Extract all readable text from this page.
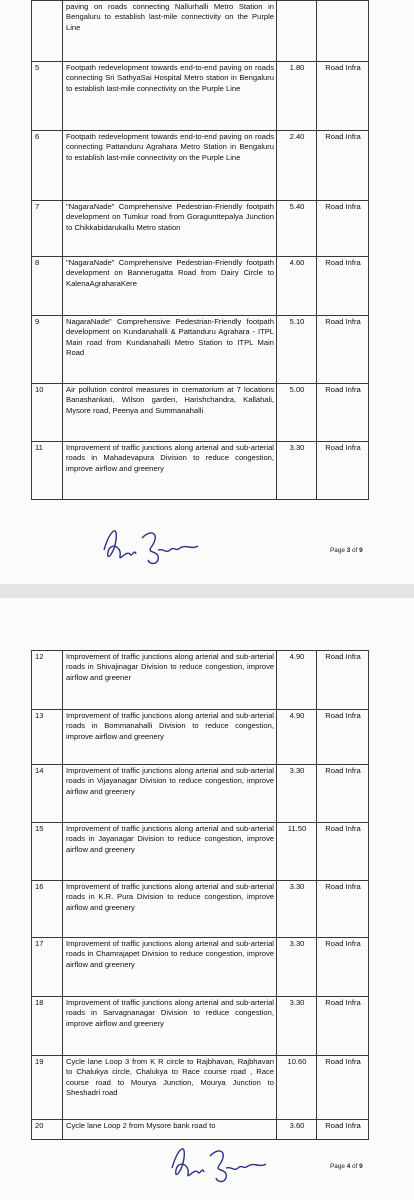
	paving on roads connecting Nallurhalli Metro Station in Bengaluru to establish last-mile connectivity on the Purple Line		
5	Footpath redevelopment towards end-to-end paving on roads connecting Sri SathyaSai Hospital Metro station in Bengaluru to establish last-mile connectivity on the Purple Line	1.80	Road Infra
6	Footpath redevelopment towards end-to-end paving on roads connecting Pattanduru Agrahara Metro Station in Bengaluru to establish last-mile connectivity on the Purple Line	2.40	Road Infra
7	"NagaraNade" Comprehensive Pedestrian-Friendly footpath development on Tumkur road from Goragunttepalya Junction to Chikkabidarukallu Metro station	5.40	Road Infra
8	"NagaraNade" Comprehensive Pedestrian-Friendly footpath development on Bannerugatta Road from Dairy Circle to KalenaAgraharaKere	4.60	Road Infra
9	NagaraNade" Comprehensive Pedestrian-Friendly footpath development on Kundanahalli & Pattanduru Agrahara - ITPL Main road from Kundanahalli Metro Station to ITPL Main Road	5.10	Road Infra
10	Air pollution control measures in crematorium at 7 locations Banashankari, Wilson garden, Harishchandra, Kallahali, Mysore road, Peenya and Summanahalli	5.00	Road Infra
11	Improvement of traffic junctions along arterial and sub-arterial roads in Mahadevapura Division to reduce congestion, improve airflow and greenery	3.30	Road Infra
Page 3 of 9
12	Improvement of traffic junctions along arterial and sub-arterial roads in Shivajinagar Division to reduce congestion, improve airflow and greener	4.90	Road Infra
13	Improvement of traffic junctions along arterial and sub-arterial roads in Bommanahalli Division to reduce congestion, improve airflow and greenery	4.90	Road Infra
14	Improvement of traffic junctions along arterial and sub-arterial roads in Vijayanagar Division to reduce congestion, improve airflow and greenery	3.30	Road Infra
15	Improvement of traffic junctions along arterial and sub-arterial roads in Jayanagar Division to reduce congestion, improve airflow and greenery	11.50	Road Infra
16	Improvement of traffic junctions along arterial and sub-arterial roads in K.R. Pura Division to reduce congestion, improve airflow and greenery	3.30	Road Infra
17	Improvement of traffic junctions along arterial and sub-arterial roads in Chamrajapet Division to reduce congestion, improve airflow and greenery	3.30	Road Infra
18	Improvement of traffic junctions along arterial and sub-arterial roads in Sarvagnanagar Division to reduce congestion, improve airflow and greenery	3.30	Road Infra
19	Cycle lane Loop 3 from K R circle to Rajbhavan, Rajbhavan to Chalukya circle, Chalukya to Race course road , Race course road to Mourya Junction, Mourya Junction to Sheshadri road	10.60	Road Infra
20	Cycle lane Loop 2 from Mysore bank road to	3.60	Road Infra
Page 4 of 9
